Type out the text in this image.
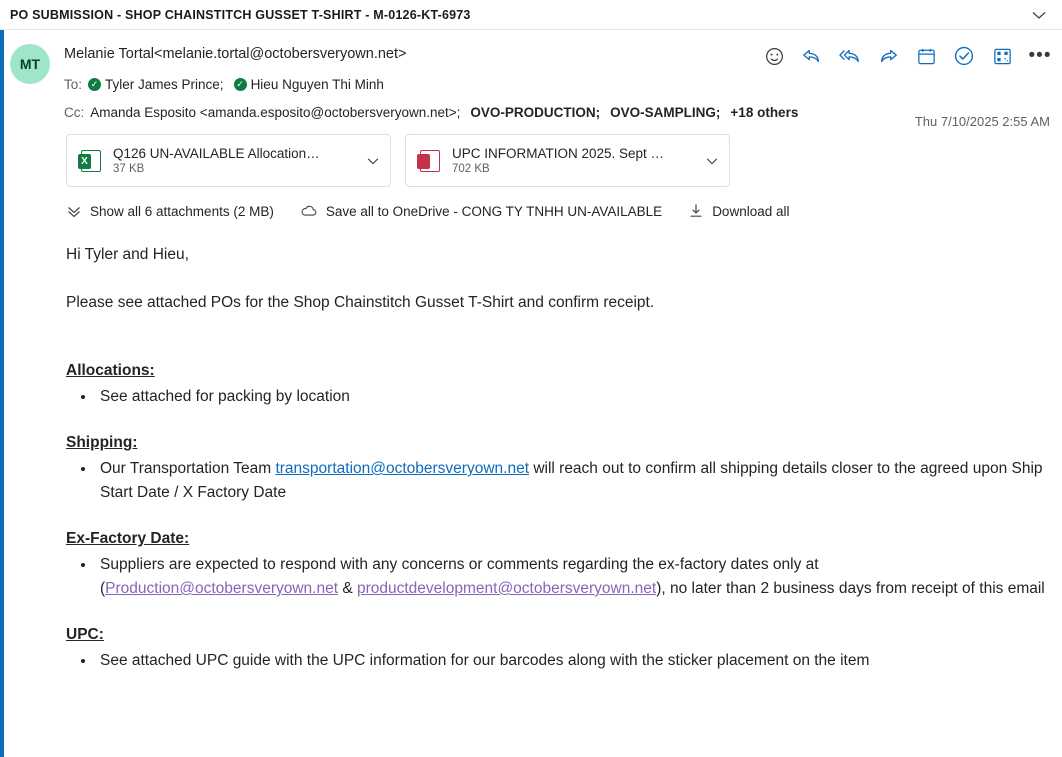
PO SUBMISSION - SHOP CHAINSTITCH GUSSET T-SHIRT - M-0126-KT-6973
•••
Thu 7/10/2025 2:55 AM
MT
Melanie Tortal<melanie.tortal@octobersveryown.net>
To: ✓ Tyler James Prince;	✓ Hieu Nguyen Thi Minh
Cc: Amanda Esposito <amanda.esposito@octobersveryown.net>; OVO-PRODUCTION; OVO-SAMPLING; +18 others
X
Q126 UN-AVAILABLE Allocation…
37 KB
UPC INFORMATION 2025. Sept …
702 KB
Show all 6 attachments (2 MB)	Save all to OneDrive - CONG TY TNHH UN-AVAILABLE	Download all

Hi Tyler and Hieu,

Please see attached POs for the Shop Chainstitch Gusset T-Shirt and confirm receipt.

Allocations:
• See attached for packing by location
Shipping:
• Our Transportation Team transportation@octobersveryown.net will reach out to confirm all shipping details closer to the agreed upon Ship Start Date / X Factory Date
Ex-Factory Date:
• Suppliers are expected to respond with any concerns or comments regarding the ex-factory dates only at (Production@octobersveryown.net & productdevelopment@octobersveryown.net), no later than 2 business days from receipt of this email
UPC:
• See attached UPC guide with the UPC information for our barcodes along with the sticker placement on the item
